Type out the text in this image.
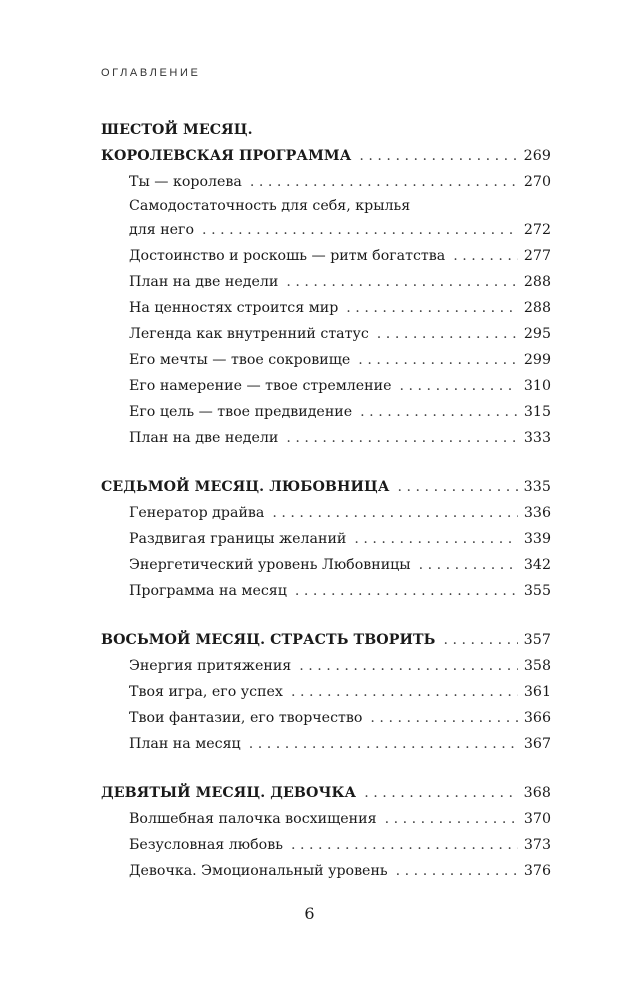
ОГЛАВЛЕНИЕ
ШЕСТОЙ МЕСЯЦ.
КОРОЛЕВСКАЯ ПРОГРАММА . . .	269
Ты — королева . . .	270
Самодостаточность для себя, крылья
для него . . .	272
Достоинство и роскошь — ритм богатства . . .	277
План на две недели . . .	288
На ценностях строится мир . . .	288
Легенда как внутренний статус . . .	295
Его мечты — твое сокровище . . .	299
Его намерение — твое стремление . . .	310
Его цель — твое предвидение . . .	315
План на две недели . . .	333
СЕДЬМОЙ МЕСЯЦ. ЛЮБОВНИЦА . . .	335
Генератор драйва . . .	336
Раздвигая границы желаний . . .	339
Энергетический уровень Любовницы . . .	342
Программа на месяц . . .	355
ВОСЬМОЙ МЕСЯЦ. СТРАСТЬ ТВОРИТЬ . . .	357
Энергия притяжения . . .	358
Твоя игра, его успех . . .	361
Твои фантазии, его творчество . . .	366
План на месяц . . .	367
ДЕВЯТЫЙ МЕСЯЦ. ДЕВОЧКА . . .	368
Волшебная палочка восхищения . . .	370
Безусловная любовь . . .	373
Девочка. Эмоциональный уровень . . .	376
6
